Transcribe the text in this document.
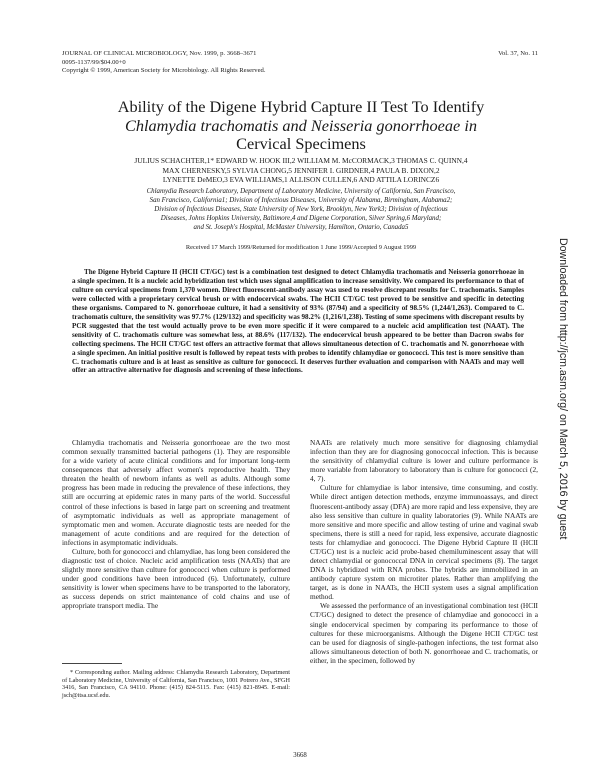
JOURNAL OF CLINICAL MICROBIOLOGY, Nov. 1999, p. 3668–3671
0095-1137/99/$04.00+0
Copyright © 1999, American Society for Microbiology. All Rights Reserved.
Vol. 37, No. 11
Ability of the Digene Hybrid Capture II Test To Identify
Chlamydia trachomatis and Neisseria gonorrhoeae in
Cervical Specimens
JULIUS SCHACHTER,1* EDWARD W. HOOK III,2 WILLIAM M. McCORMACK,3 THOMAS C. QUINN,4
MAX CHERNESKY,5 SYLVIA CHONG,5 JENNIFER I. GIRDNER,4 PAULA B. DIXON,2
LYNETTE DeMEO,3 EVA WILLIAMS,1 ALLISON CULLEN,6 AND ATTILA LORINCZ6
Chlamydia Research Laboratory, Department of Laboratory Medicine, University of California, San Francisco,
San Francisco, California1; Division of Infectious Diseases, University of Alabama, Birmingham, Alabama2;
Division of Infectious Diseases, State University of New York, Brooklyn, New York3; Division of Infectious
Diseases, Johns Hopkins University, Baltimore,4 and Digene Corporation, Silver Spring,6 Maryland;
and St. Joseph's Hospital, McMaster University, Hamilton, Ontario, Canada5
Received 17 March 1999/Returned for modification 1 June 1999/Accepted 9 August 1999
The Digene Hybrid Capture II (HCII CT/GC) test is a combination test designed to detect Chlamydia trachomatis and Neisseria gonorrhoeae in a single specimen. It is a nucleic acid hybridization test which uses signal amplification to increase sensitivity. We compared its performance to that of culture on cervical specimens from 1,370 women. Direct fluorescent-antibody assay was used to resolve discrepant results for C. trachomatis. Samples were collected with a proprietary cervical brush or with endocervical swabs. The HCII CT/GC test proved to be sensitive and specific in detecting these organisms. Compared to N. gonorrhoeae culture, it had a sensitivity of 93% (87/94) and a specificity of 98.5% (1,244/1,263). Compared to C. trachomatis culture, the sensitivity was 97.7% (129/132) and specificity was 98.2% (1,216/1,238). Testing of some specimens with discrepant results by PCR suggested that the test would actually prove to be even more specific if it were compared to a nucleic acid amplification test (NAAT). The sensitivity of C. trachomatis culture was somewhat less, at 88.6% (117/132). The endocervical brush appeared to be better than Dacron swabs for collecting specimens. The HCII CT/GC test offers an attractive format that allows simultaneous detection of C. trachomatis and N. gonorrhoeae with a single specimen. An initial positive result is followed by repeat tests with probes to identify chlamydiae or gonococci. This test is more sensitive than C. trachomatis culture and is at least as sensitive as culture for gonococci. It deserves further evaluation and comparison with NAATs and may well offer an attractive alternative for diagnosis and screening of these infections.

Chlamydia trachomatis and Neisseria gonorrhoeae are the two most common sexually transmitted bacterial pathogens (1). They are responsible for a wide variety of acute clinical conditions and for important long-term consequences that adversely affect women's reproductive health. They threaten the health of newborn infants as well as adults. Although some progress has been made in reducing the prevalence of these infections, they still are occurring at epidemic rates in many parts of the world. Successful control of these infections is based in large part on screening and treatment of asymptomatic individuals as well as appropriate management of symptomatic men and women. Accurate diagnostic tests are needed for the management of acute conditions and are required for the detection of infections in asymptomatic individuals.

Culture, both for gonococci and chlamydiae, has long been considered the diagnostic test of choice. Nucleic acid amplification tests (NAATs) that are slightly more sensitive than culture for gonococci when culture is performed under good conditions have been introduced (6). Unfortunately, culture sensitivity is lower when specimens have to be transported to the laboratory, as success depends on strict maintenance of cold chains and use of appropriate transport media. The

* Corresponding author. Mailing address: Chlamydia Research Laboratory, Department of Laboratory Medicine, University of California, San Francisco, 1001 Potrero Ave., SFGH 3416, San Francisco, CA 94110. Phone: (415) 824-5115. Fax: (415) 821-8945. E-mail: jsch@itsa.ucsf.edu.

NAATs are relatively much more sensitive for diagnosing chlamydial infection than they are for diagnosing gonococcal infection. This is because the sensitivity of chlamydial culture is lower and culture performance is more variable from laboratory to laboratory than is culture for gonococci (2, 4, 7).

Culture for chlamydiae is labor intensive, time consuming, and costly. While direct antigen detection methods, enzyme immunoassays, and direct fluorescent-antibody assay (DFA) are more rapid and less expensive, they are also less sensitive than culture in quality laboratories (9). While NAATs are more sensitive and more specific and allow testing of urine and vaginal swab specimens, there is still a need for rapid, less expensive, accurate diagnostic tests for chlamydiae and gonococci. The Digene Hybrid Capture II (HCII CT/GC) test is a nucleic acid probe-based chemiluminescent assay that will detect chlamydial or gonococcal DNA in cervical specimens (8). The target DNA is hybridized with RNA probes. The hybrids are immobilized in an antibody capture system on microtiter plates. Rather than amplifying the target, as is done in NAATs, the HCII system uses a signal amplification method.

We assessed the performance of an investigational combination test (HCII CT/GC) designed to detect the presence of chlamydiae and gonococci in a single endocervical specimen by comparing its performance to those of cultures for these microorganisms. Although the Digene HCII CT/GC test can be used for diagnosis of single-pathogen infections, the test format also allows simultaneous detection of both N. gonorrhoeae and C. trachomatis, or either, in the specimen, followed by

3668
Downloaded from http://jcm.asm.org/ on March 5, 2016 by guest
